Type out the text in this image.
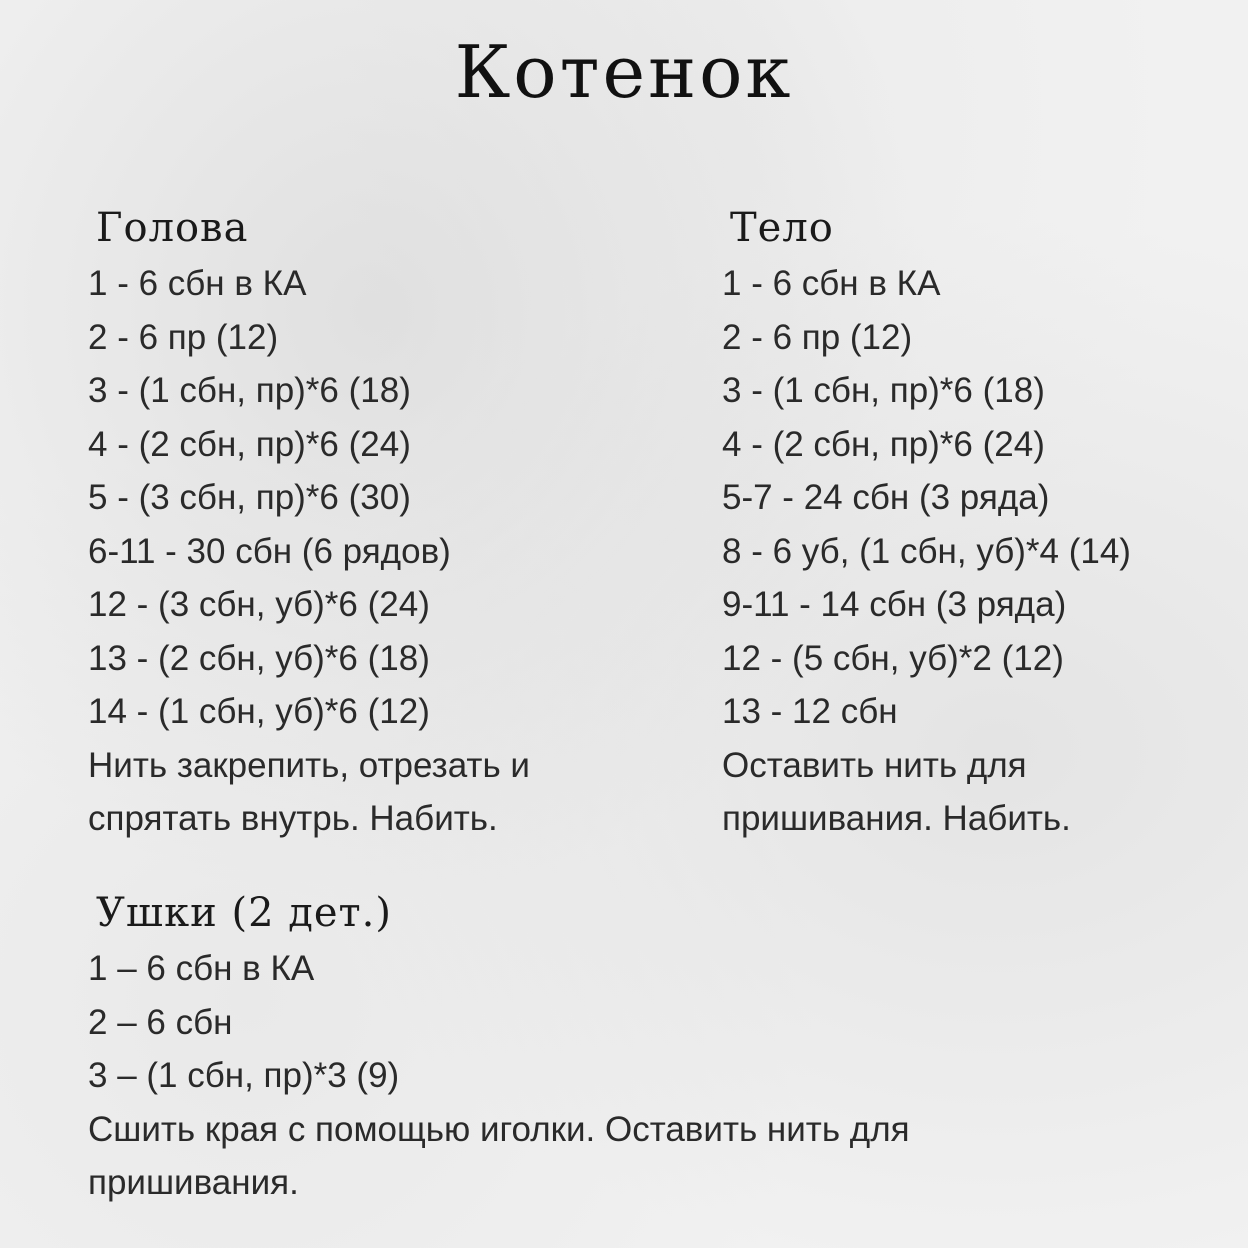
Котенок
Голова
1 - 6 сбн в КА
2 - 6 пр (12)
3 - (1 сбн, пр)*6 (18)
4 - (2 сбн, пр)*6 (24)
5 - (3 сбн, пр)*6 (30)
6-11 - 30 сбн (6 рядов)
12 - (3 сбн, уб)*6 (24)
13 - (2 сбн, уб)*6 (18)
14 - (1 сбн, уб)*6 (12)
Нить закрепить, отрезать и спрятать внутрь. Набить.
Тело
1 - 6 сбн в КА
2 - 6 пр (12)
3 - (1 сбн, пр)*6 (18)
4 - (2 сбн, пр)*6 (24)
5-7 - 24 сбн (3 ряда)
8 - 6 уб, (1 сбн, уб)*4 (14)
9-11 - 14 сбн (3 ряда)
12 - (5 сбн, уб)*2 (12)
13 - 12 сбн
Оставить нить для пришивания. Набить.
Ушки (2 дет.)
1 – 6 сбн в КА
2 – 6 сбн
3 – (1 сбн, пр)*3 (9)
Сшить края с помощью иголки. Оставить нить для пришивания.
